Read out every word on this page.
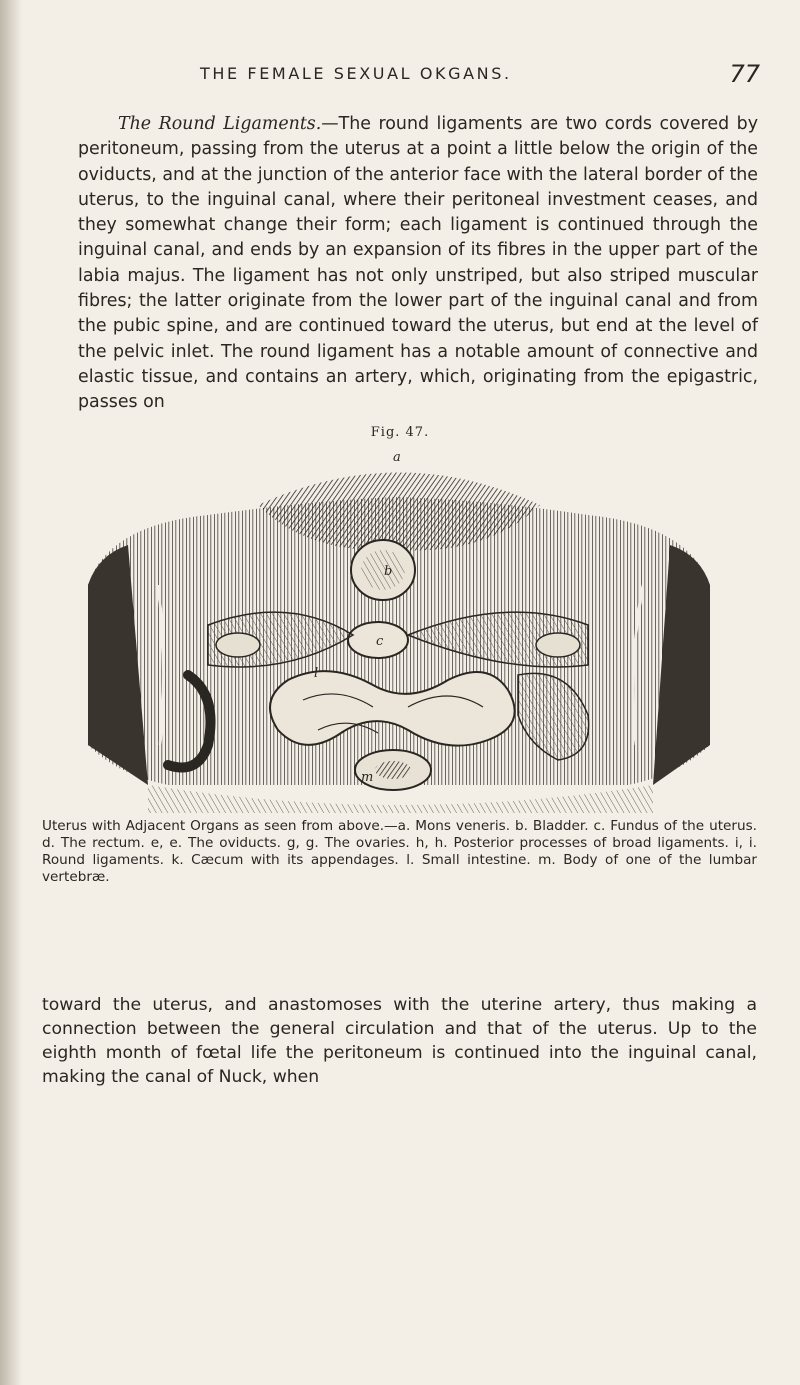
THE FEMALE SEXUAL OKGANS.	77

The Round Ligaments.—The round ligaments are two cords covered by peritoneum, passing from the uterus at a point a little below the origin of the oviducts, and at the junction of the anterior face with the lateral border of the uterus, to the inguinal canal, where their peritoneal investment ceases, and they somewhat change their form; each ligament is continued through the inguinal canal, and ends by an expansion of its fibres in the upper part of the labia majus. The ligament has not only unstriped, but also striped muscular fibres; the latter originate from the lower part of the inguinal canal and from the pubic spine, and are continued toward the uterus, but end at the level of the pelvic inlet. The round ligament has a notable amount of connective and elastic tissue, and contains an artery, which, originating from the epigastric, passes on

Fig. 47.
a
b
c
l
m

Uterus with Adjacent Organs as seen from above.—a. Mons veneris. b. Bladder. c. Fundus of the uterus. d. The rectum. e, e. The oviducts. g, g. The ovaries. h, h. Posterior processes of broad ligaments. i, i. Round ligaments. k. Cæcum with its appendages. l. Small intestine. m. Body of one of the lumbar vertebræ.

toward the uterus, and anastomoses with the uterine artery, thus making a connection between the general circulation and that of the uterus. Up to the eighth month of fœtal life the peritoneum is continued into the inguinal canal, making the canal of Nuck, when
